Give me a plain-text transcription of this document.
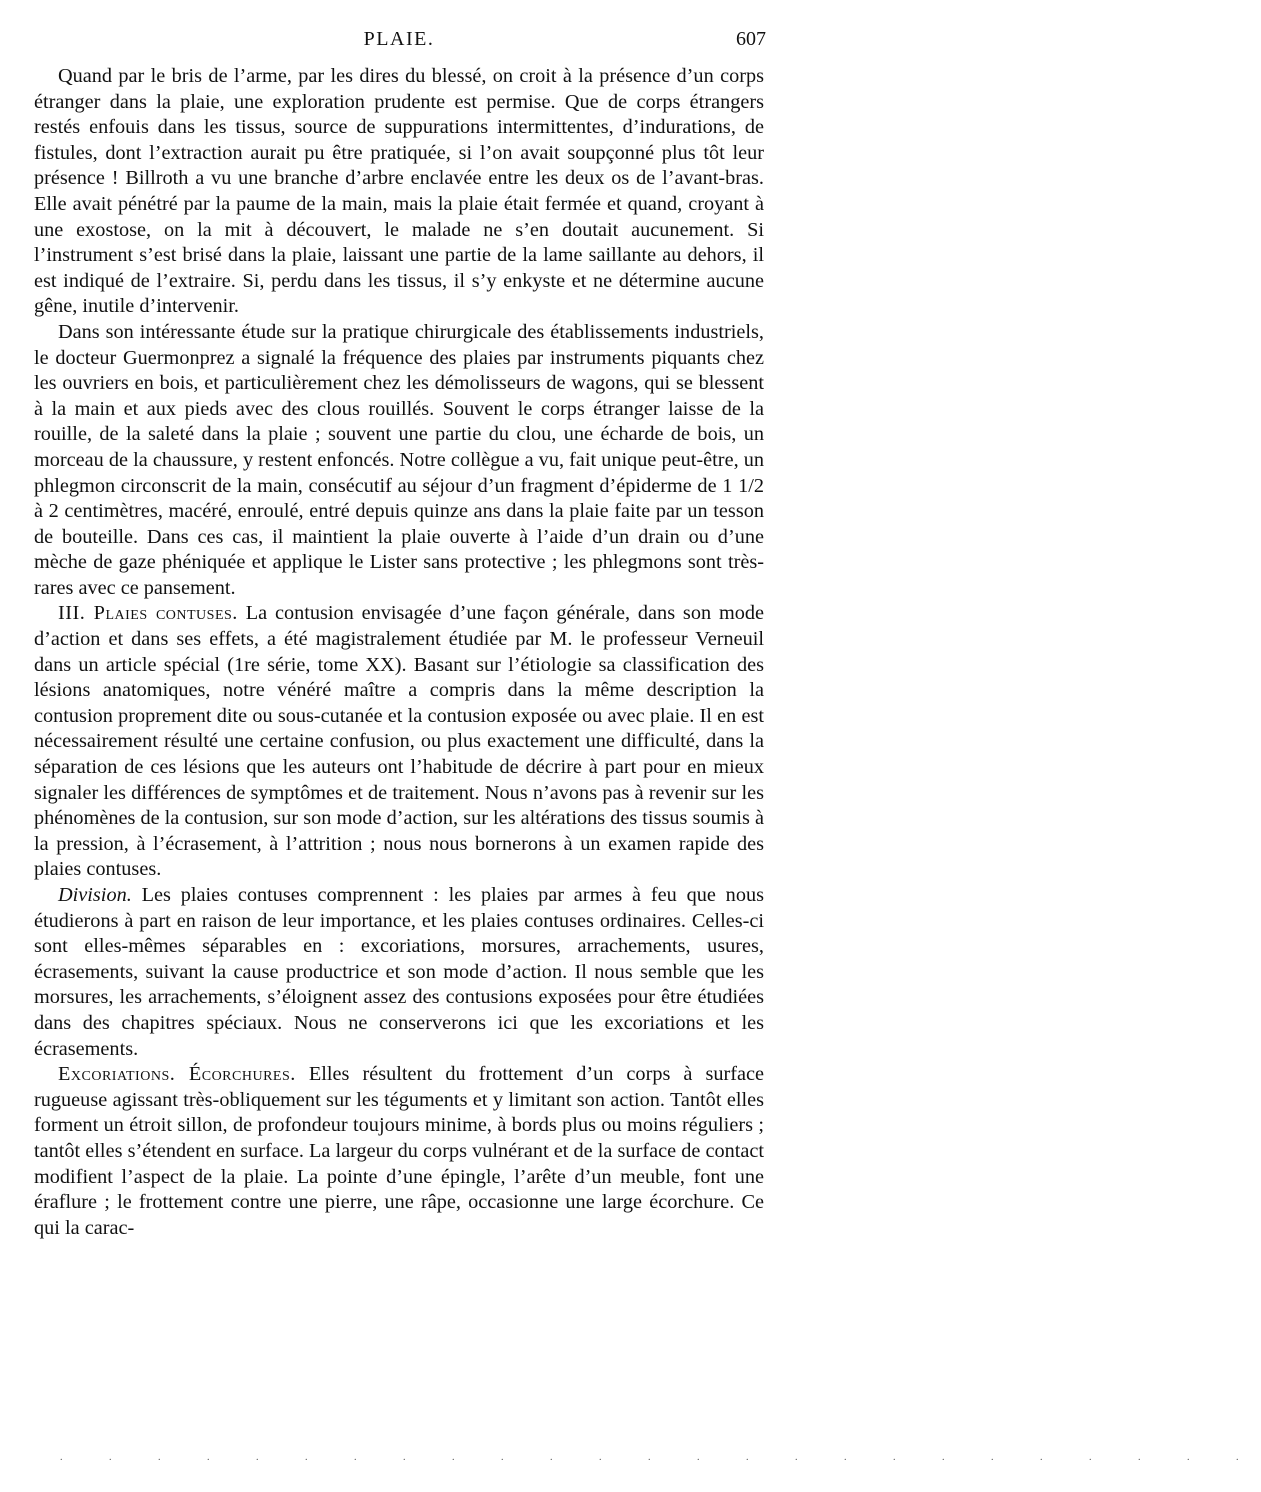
PLAIE.	607

Quand par le bris de l’arme, par les dires du blessé, on croit à la présence d’un corps étranger dans la plaie, une exploration prudente est permise. Que de corps étrangers restés enfouis dans les tissus, source de suppurations intermittentes, d’indurations, de fistules, dont l’extraction aurait pu être pratiquée, si l’on avait soupçonné plus tôt leur présence ! Billroth a vu une branche d’arbre enclavée entre les deux os de l’avant-bras. Elle avait pénétré par la paume de la main, mais la plaie était fermée et quand, croyant à une exostose, on la mit à découvert, le malade ne s’en doutait aucunement. Si l’instrument s’est brisé dans la plaie, laissant une partie de la lame saillante au dehors, il est indiqué de l’extraire. Si, perdu dans les tissus, il s’y enkyste et ne détermine aucune gêne, inutile d’intervenir.

Dans son intéressante étude sur la pratique chirurgicale des établissements industriels, le docteur Guermonprez a signalé la fréquence des plaies par instruments piquants chez les ouvriers en bois, et particulièrement chez les démolisseurs de wagons, qui se blessent à la main et aux pieds avec des clous rouillés. Souvent le corps étranger laisse de la rouille, de la saleté dans la plaie ; souvent une partie du clou, une écharde de bois, un morceau de la chaussure, y restent enfoncés. Notre collègue a vu, fait unique peut-être, un phlegmon circonscrit de la main, consécutif au séjour d’un fragment d’épiderme de 1 1/2 à 2 centimètres, macéré, enroulé, entré depuis quinze ans dans la plaie faite par un tesson de bouteille. Dans ces cas, il maintient la plaie ouverte à l’aide d’un drain ou d’une mèche de gaze phéniquée et applique le Lister sans protective ; les phlegmons sont très-rares avec ce pansement.

III. Plaies contuses. La contusion envisagée d’une façon générale, dans son mode d’action et dans ses effets, a été magistralement étudiée par M. le professeur Verneuil dans un article spécial (1re série, tome XX). Basant sur l’étiologie sa classification des lésions anatomiques, notre vénéré maître a compris dans la même description la contusion proprement dite ou sous-cutanée et la contusion exposée ou avec plaie. Il en est nécessairement résulté une certaine confusion, ou plus exactement une difficulté, dans la séparation de ces lésions que les auteurs ont l’habitude de décrire à part pour en mieux signaler les différences de symptômes et de traitement. Nous n’avons pas à revenir sur les phénomènes de la contusion, sur son mode d’action, sur les altérations des tissus soumis à la pression, à l’écrasement, à l’attrition ; nous nous bornerons à un examen rapide des plaies contuses.

Division. Les plaies contuses comprennent : les plaies par armes à feu que nous étudierons à part en raison de leur importance, et les plaies contuses ordinaires. Celles-ci sont elles-mêmes séparables en : excoriations, morsures, arrachements, usures, écrasements, suivant la cause productrice et son mode d’action. Il nous semble que les morsures, les arrachements, s’éloignent assez des contusions exposées pour être étudiées dans des chapitres spéciaux. Nous ne conserverons ici que les excoriations et les écrasements.

Excoriations. Écorchures. Elles résultent du frottement d’un corps à surface rugueuse agissant très-obliquement sur les téguments et y limitant son action. Tantôt elles forment un étroit sillon, de profondeur toujours minime, à bords plus ou moins réguliers ; tantôt elles s’étendent en surface. La largeur du corps vulnérant et de la surface de contact modifient l’aspect de la plaie. La pointe d’une épingle, l’arête d’un meuble, font une éraflure ; le frottement contre une pierre, une râpe, occasionne une large écorchure. Ce qui la carac-

. . . . . . . . . . . . . . . . . . . . . . . . .
